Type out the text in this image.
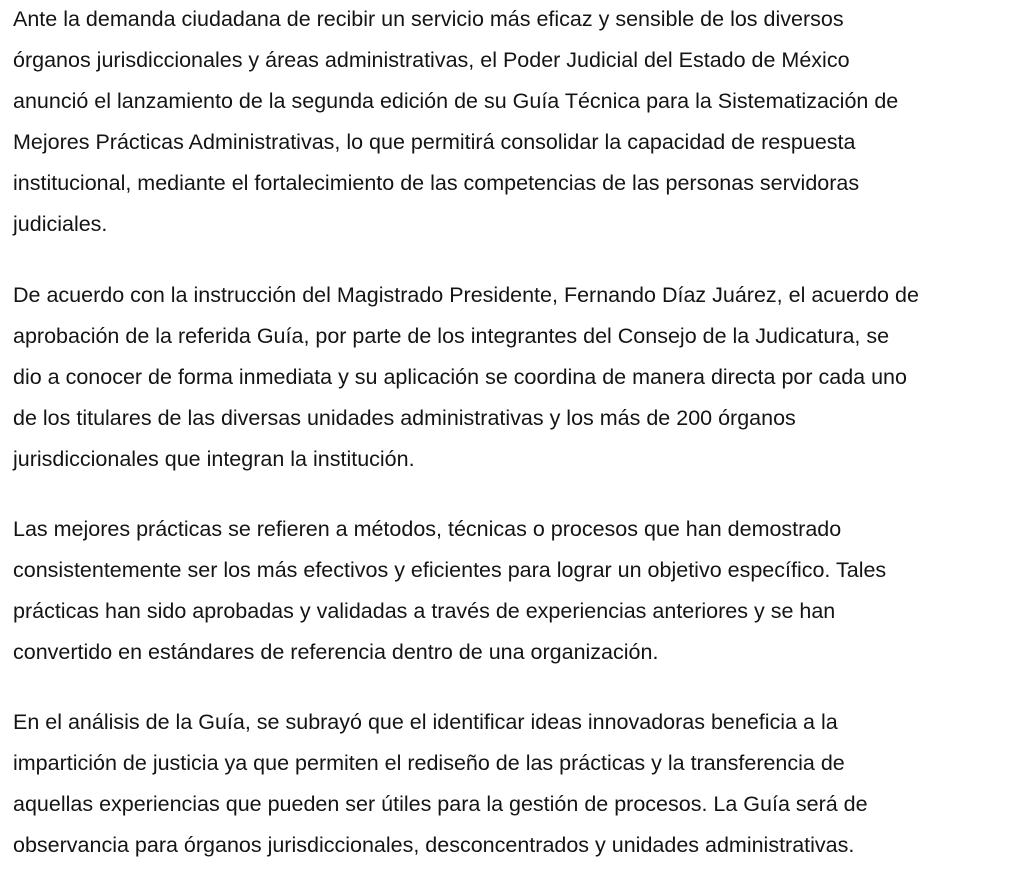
Ante la demanda ciudadana de recibir un servicio más eficaz y sensible de los diversos
órganos jurisdiccionales y áreas administrativas, el Poder Judicial del Estado de México
anunció el lanzamiento de la segunda edición de su Guía Técnica para la Sistematización de
Mejores Prácticas Administrativas, lo que permitirá consolidar la capacidad de respuesta
institucional, mediante el fortalecimiento de las competencias de las personas servidoras
judiciales.
De acuerdo con la instrucción del Magistrado Presidente, Fernando Díaz Juárez, el acuerdo de
aprobación de la referida Guía, por parte de los integrantes del Consejo de la Judicatura, se
dio a conocer de forma inmediata y su aplicación se coordina de manera directa por cada uno
de los titulares de las diversas unidades administrativas y los más de 200 órganos
jurisdiccionales que integran la institución.
Las mejores prácticas se refieren a métodos, técnicas o procesos que han demostrado
consistentemente ser los más efectivos y eficientes para lograr un objetivo específico. Tales
prácticas han sido aprobadas y validadas a través de experiencias anteriores y se han
convertido en estándares de referencia dentro de una organización.
En el análisis de la Guía, se subrayó que el identificar ideas innovadoras beneficia a la
impartición de justicia ya que permiten el rediseño de las prácticas y la transferencia de
aquellas experiencias que pueden ser útiles para la gestión de procesos. La Guía será de
observancia para órganos jurisdiccionales, desconcentrados y unidades administrativas.
